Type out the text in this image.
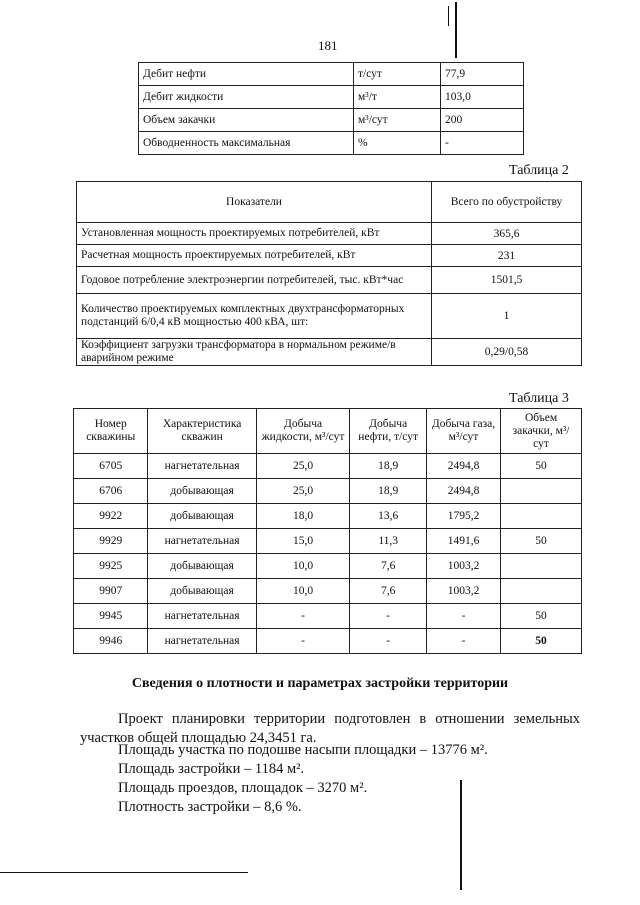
181
Дебит нефти	т/сут	77,9
Дебит жидкости	м³/т	103,0
Объем закачки	м³/сут	200
Обводненность максимальная	%	-
Таблица 2
Показатели	Всего по обустройству
Установленная мощность проектируемых потребителей, кВт	365,6
Расчетная мощность проектируемых потребителей, кВт	231
Годовое потребление электроэнергии потребителей, тыс. кВт*час	1501,5
Количество проектируемых комплектных двухтрансформаторных подстанций 6/0,4 кВ мощностью 400 кВА, шт:	1
Коэффициент загрузки трансформатора в нормальном режиме/в аварийном режиме	0,29/0,58
Таблица 3
Номер скважины	Характеристика скважин	Добыча жидкости, м³/сут	Добыча нефти, т/сут	Добыча газа, м³/сут	Объем закачки, м³/сут
6705	нагнетательная	25,0	18,9	2494,8	50
6706	добывающая	25,0	18,9	2494,8	
9922	добывающая	18,0	13,6	1795,2	
9929	нагнетательная	15,0	11,3	1491,6	50
9925	добывающая	10,0	7,6	1003,2	
9907	добывающая	10,0	7,6	1003,2	
9945	нагнетательная	-	-	-	50
9946	нагнетательная	-	-	-	50
Сведения о плотности и параметрах застройки территории
Проект планировки территории подготовлен в отношении земельных участков общей площадью 24,3451 га.
Площадь участка по подошве насыпи площадки – 13776 м².
Площадь застройки – 1184 м².
Площадь проездов, площадок – 3270 м².
Плотность застройки – 8,6 %.
